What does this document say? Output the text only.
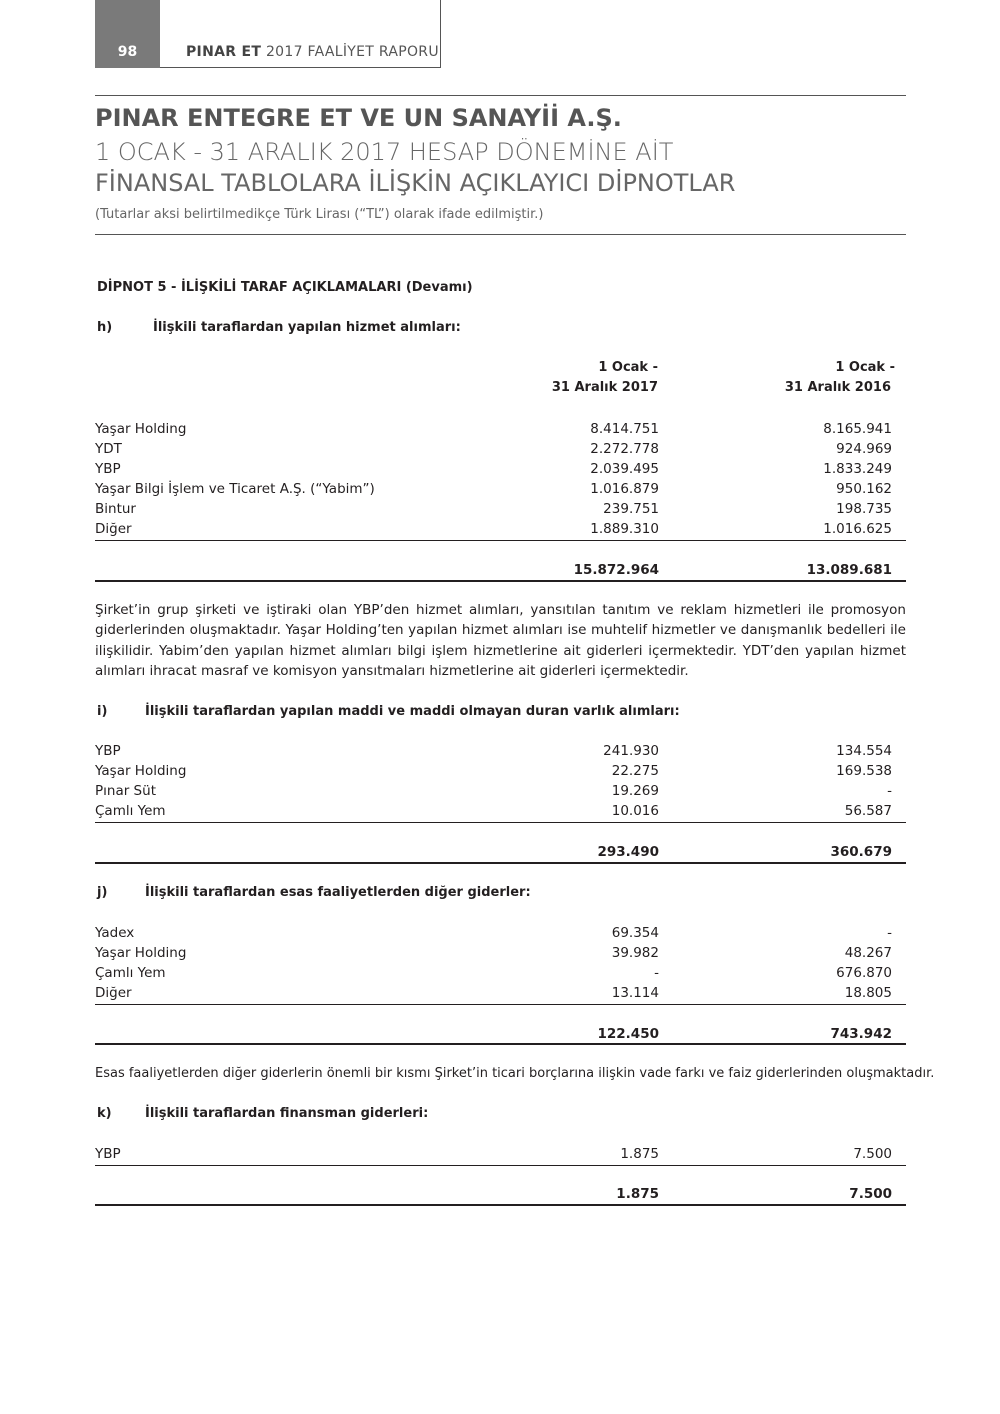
98	PINAR ET 2017 FAALİYET RAPORU
PINAR ENTEGRE ET VE UN SANAYİİ A.Ş.
1 OCAK - 31 ARALIK 2017 HESAP DÖNEMİNE AİT
FİNANSAL TABLOLARA İLİŞKİN AÇIKLAYICI DİPNOTLAR
(Tutarlar aksi belirtilmedikçe Türk Lirası (“TL”) olarak ifade edilmiştir.)
DİPNOT 5 - İLİŞKİLİ TARAF AÇIKLAMALARI (Devamı)
h)	İlişkili taraflardan yapılan hizmet alımları:
1 Ocak -
31 Aralık 2017
1 Ocak -
31 Aralık 2016
Yaşar Holding	8.414.751	8.165.941
YDT	2.272.778	924.969
YBP	2.039.495	1.833.249
Yaşar Bilgi İşlem ve Ticaret A.Ş. (“Yabim”)	1.016.879	950.162
Bintur	239.751	198.735
Diğer	1.889.310	1.016.625
15.872.964	13.089.681
Şirket’in grup şirketi ve iştiraki olan YBP’den hizmet alımları, yansıtılan tanıtım ve reklam hizmetleri ile promosyon giderlerinden oluşmaktadır. Yaşar Holding’ten yapılan hizmet alımları ise muhtelif hizmetler ve danışmanlık bedelleri ile ilişkilidir. Yabim’den yapılan hizmet alımları bilgi işlem hizmetlerine ait giderleri içermektedir. YDT’den yapılan hizmet alımları ihracat masraf ve komisyon yansıtmaları hizmetlerine ait giderleri içermektedir.
i)	İlişkili taraflardan yapılan maddi ve maddi olmayan duran varlık alımları:
YBP	241.930	134.554
Yaşar Holding	22.275	169.538
Pınar Süt	19.269	-
Çamlı Yem	10.016	56.587
293.490	360.679
j)	İlişkili taraflardan esas faaliyetlerden diğer giderler:
Yadex	69.354	-
Yaşar Holding	39.982	48.267
Çamlı Yem	-	676.870
Diğer	13.114	18.805
122.450	743.942
Esas faaliyetlerden diğer giderlerin önemli bir kısmı Şirket’in ticari borçlarına ilişkin vade farkı ve faiz giderlerinden oluşmaktadır.
k)	İlişkili taraflardan finansman giderleri:
YBP	1.875	7.500
1.875	7.500
